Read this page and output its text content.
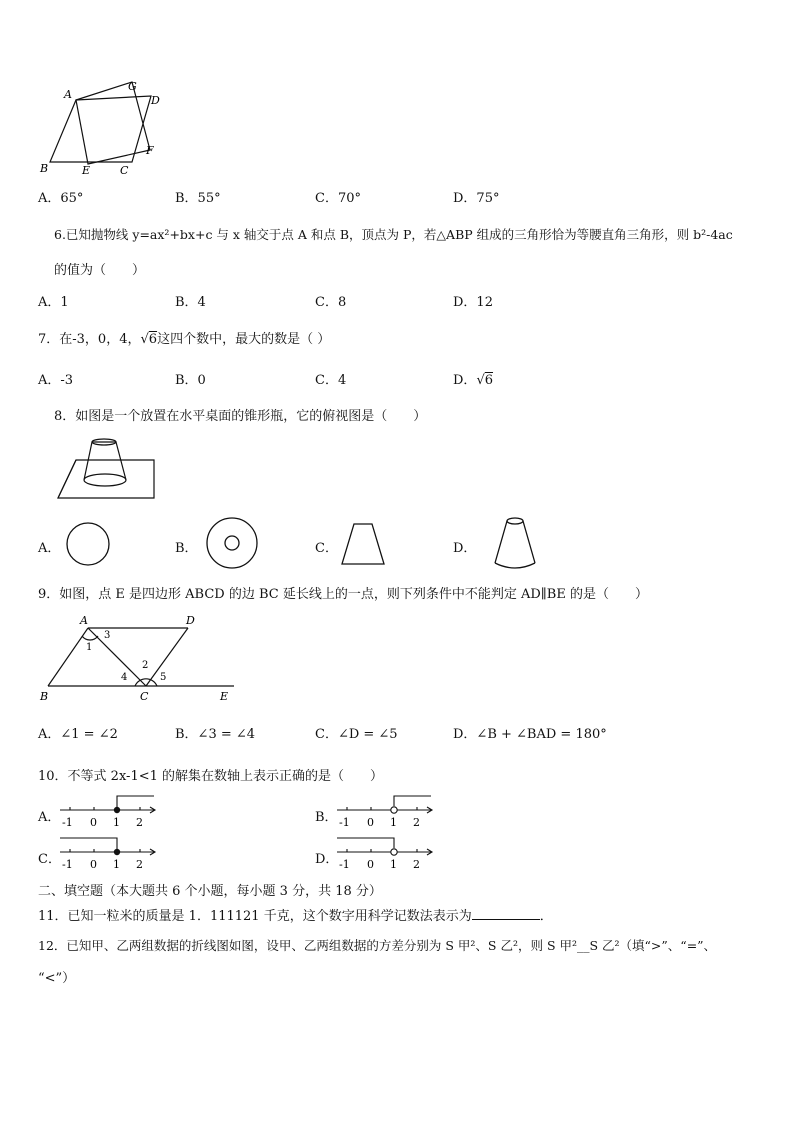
A
G
D
F
B	E	C
A．65°	B．55°	C．70°	D．75°
6.已知抛物线 y=ax²+bx+c 与 x 轴交于点 A 和点 B，顶点为 P，若△ABP 组成的三角形恰为等腰直角三角形，则 b²-4ac
的值为（　　）
A．1	B．4	C．8	D．12
7．在-3，0，4，√6这四个数中，最大的数是（ ）
A．-3	B．0	C．4	D．√6
8．如图是一个放置在水平桌面的锥形瓶，它的俯视图是（　　）
A．	B．	C．	D．
9．如图，点 E 是四边形 ABCD 的边 BC 延长线上的一点，则下列条件中不能判定 AD∥BE 的是（　　）
A	D
B	C	E
1
2
3
4	5
A．∠1 = ∠2	B．∠3 = ∠4	C．∠D = ∠5	D．∠B + ∠BAD = 180°
10．不等式 2x-1<1 的解集在数轴上表示正确的是（　　）
A． -1 0 1 2	B． -1 0 1 2
C． -1 0 1 2	D． -1 0 1 2
二、填空题（本大题共 6 个小题，每小题 3 分，共 18 分）
11．已知一粒米的质量是 1．111121 千克，这个数字用科学记数法表示为	．
12．已知甲、乙两组数据的折线图如图，设甲、乙两组数据的方差分别为 S 甲²、S 乙²，则 S 甲²__S 乙²（填“>”、“=”、
“<”）
